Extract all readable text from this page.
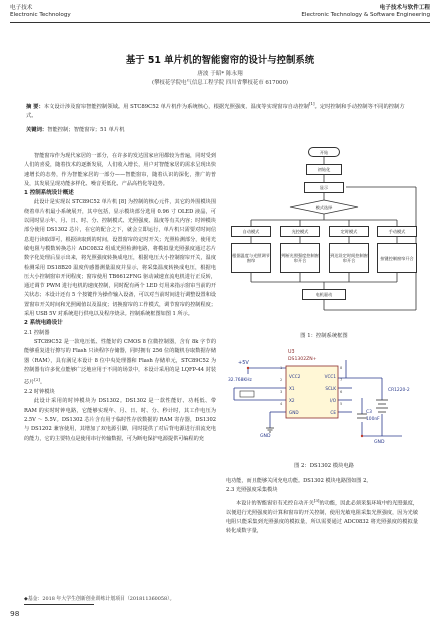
电子技术
Electronic Technology
电子技术与软件工程
Electronic Technology & Software Engineering
基于 51 单片机的智能窗帘的设计与控制系统
唐波 于昭* 陈永翔
(攀枝花学院电气信息工程学院 四川省攀枝花市 617000)
摘 要：本文设计涉及窗帘智能控制领域。用 STC89C52 单片机作为系统核心，根据光照强度、温度等实现窗帘自动控制[1]。定时控制和手动控制等不同的控制方式。
关键词：智能控制；智能窗帘；51 单片机

智能窗帘作为现代家居的一部分，在许多的发达国家应用都较为普遍，同时受到人们的喜爱，随着技术的逐渐发展，人们收入增长，用户对智能家居的需求呈现出快速增长的态势，作为智能家居的一部分——智能窗帘，随着认识的深化，推广的普及，其发展呈现功能多样化、噪音更低化、产品高档化等趋势。

1 控制系统设计概述

此设计是实现以 STC89C52 单片机 [8] 为控制的核心元件，其它的外围模块围绕着单片机最小系统展开，其中包括，显示模块部分选用 0.96 寸 OLED 液晶，可以同时显示年、月、日、时、分、控制模式、光照强度、温度等有关内容；时钟模块部分使用 DS1302 芯片，在它的配合之下，就会立即运行，单片机只需要对时间信息进行读取即可，根据读取到的时间，设置窗帘的定时开关；光照检测部分，使用光敏电阻与模数转换芯片 ADC0832 组成光照检测电路，将模拟量光照强度通过芯片数字化处理后显示出来，将光照强度转换成电压，根据电压大小控制窗帘开关，温度检测采用 DS18B20 温度传感器测量温度并显示，将采集温度转换成电压，根据电压大小控制窗帘开闭程度；窗帘使用 TB6612FNG 驱动减速直流电机进行正反转，通过调节 PWM 进行电机的速度控制，同时配有两个 LED 灯用来指示窗帘当前的开关状态；本设计还有 5 个按键作为操作输入设备，可以对当前时间进行调整设置和设置窗帘开关时间和光照阈值以及温度；切换窗帘的工作模式，调节窗帘的控制程度；采用 USB 5V 对系统进行供电以及程序烧录。控制系统框图如图 1 所示。

2 系统电路设计

2.1 控制器

STC89C52 是一款电压低、性能好的 CMOS 8 位微控制器，含有 8k 字节的能够重复进行擦写的 Flash 只读程序存储器，同时拥有 256 位的随机存取数据存储器（RAM），具有满足本设计 8 位中央处理器和 Flash 存储单元，STC89C52 为控制器有许多优点能够广泛地应用于不同的场景中，本设计采用的是 LQFP-44 封装芯片[2]。

2.2 时钟模块

此设计采用的时钟模块为 DS1302。DS1302 是一款性能好、功耗低、带 RAM 的实时时钟电路，它能够实现年、月、日、时、分、秒计时，其工作电压为 2.5V ～ 5.5V。DS1302 芯片含有用于临时性存放数据的 RAM 寄存器，DS1302 与 DS1202 兼容使用，其增加了双电源引脚，同时提供了对后背电源进行涓流充电的能力，它的主要特点是使用串行传输数据，可为断电保护电源提供可编程的充

开始
初始化
显示
模式选择
自动模式	光控模式	定时模式	手动模式
根据温度与光照调节窗帘
判断光照强度控制窗帘开合
到达设定时间控制窗帘开合	按键控制窗帘开合
电机驱动
图 1：控制系统框图
+5V
32.768KHz
U3
DS1302ZN+
VCC2
X1
X2
GND
VCC1
SCLK
I/O
CE
1
2
3
4
8
7
6
5
CR1220-2
C3
100nF
GND
GND
图 2：DS1302 模块电路

电功能，而且能够关闭充电功能。DS1302 模块电路图如图 2。

2.3 光照强度采集模块

本设计的智能窗帘有光控自动开关[3]的功能，因此必须采集环境中的光照强度，以便进行光照强度的计算和窗帘的开关控制，使用光敏电阻采集光照强度，因为光敏电阻只能采集到光照强度的模拟量，所以需要通过 ADC0832 将光照强度的模拟量转化成数字量，

◆基金：2018 年大学生创新创业训练计划项目（201811360058）。
98
